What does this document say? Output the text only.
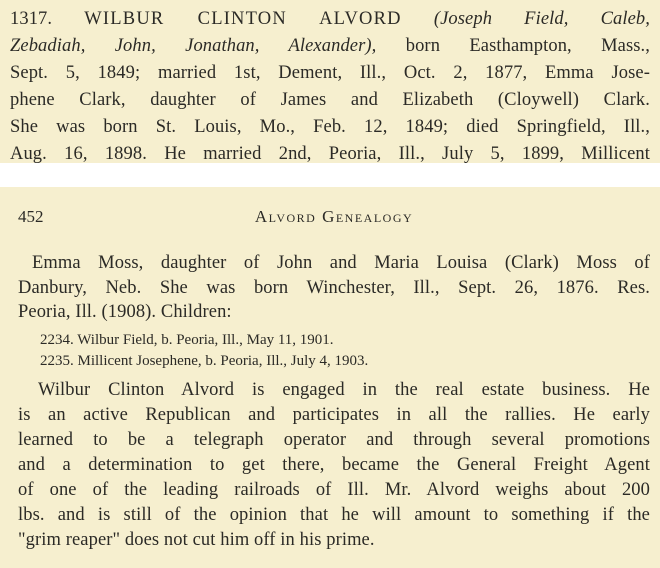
1317. WILBUR CLINTON ALVORD (Joseph Field, Caleb,
Zebadiah, John, Jonathan, Alexander), born Easthampton, Mass.,
Sept. 5, 1849; married 1st, Dement, Ill., Oct. 2, 1877, Emma Jose-
phene Clark, daughter of James and Elizabeth (Cloywell) Clark.
She was born St. Louis, Mo., Feb. 12, 1849; died Springfield, Ill.,
Aug. 16, 1898. He married 2nd, Peoria, Ill., July 5, 1899, Millicent
452	Alvord Genealogy
Emma Moss, daughter of John and Maria Louisa (Clark) Moss of
Danbury, Neb. She was born Winchester, Ill., Sept. 26, 1876. Res.
Peoria, Ill. (1908). Children:
2234. Wilbur Field, b. Peoria, Ill., May 11, 1901.
2235. Millicent Josephene, b. Peoria, Ill., July 4, 1903.
Wilbur Clinton Alvord is engaged in the real estate business. He
is an active Republican and participates in all the rallies. He early
learned to be a telegraph operator and through several promotions
and a determination to get there, became the General Freight Agent
of one of the leading railroads of Ill. Mr. Alvord weighs about 200
lbs. and is still of the opinion that he will amount to something if the
"grim reaper" does not cut him off in his prime.
